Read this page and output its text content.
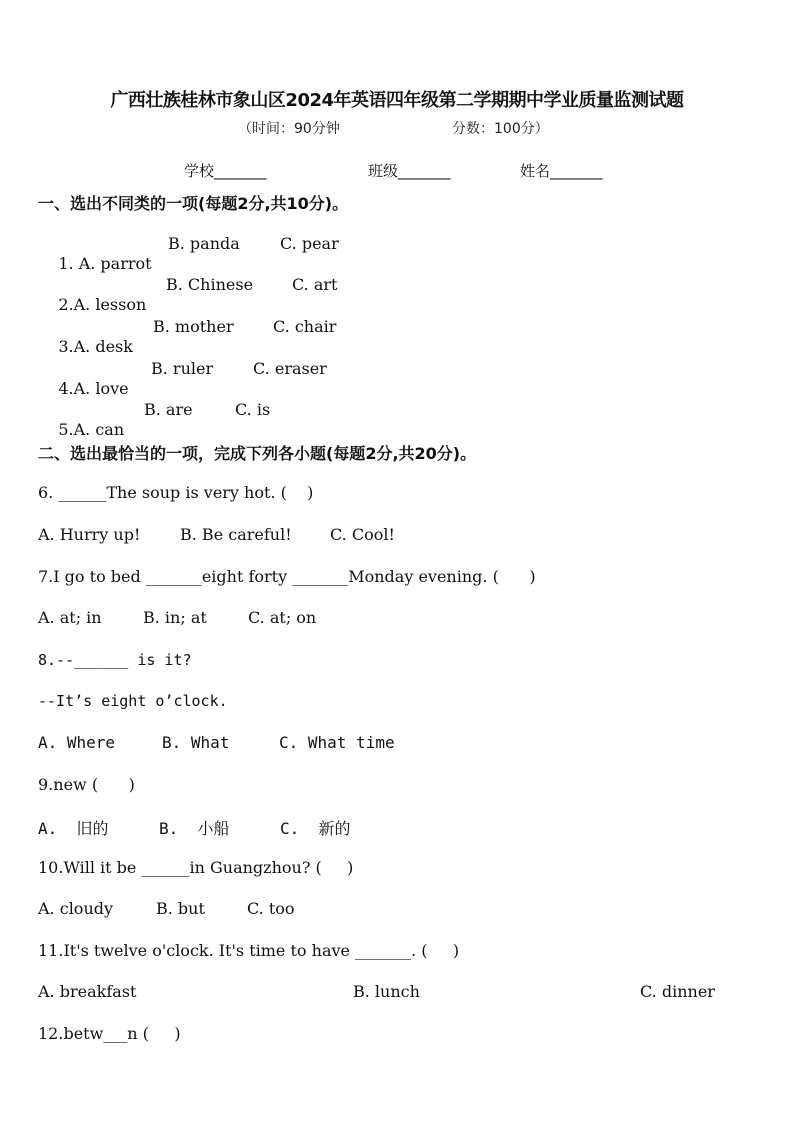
广西壮族桂林市象山区2024年英语四年级第二学期期中学业质量监测试题
（时间：90分钟	分数：100分）
学校_______	班级_______	姓名_______
一、选出不同类的一项(每题2分,共10分)。

1. A. parrot

B. panda	C. pear

2.A. lesson

B. Chinese C. art

3.A. desk

B. mother C. chair

4.A. love

B. ruler C. eraser

5.A. can

B. are	C. is
二、选出最恰当的一项，完成下列各小题(每题2分,共20分)。
6. ______The soup is very hot. (    )
A. Hurry up! B. Be careful! C. Cool!
7.I go to bed _______eight forty _______Monday evening. (      )
A. at; in	B. in; at	C. at; on
8.--______ is it?
--It’s eight o’clock.
A. Where	B. What	C. What time
9.new (      )
A.  旧的	B.  小船	C.  新的
10.Will it be ______in Guangzhou? (     )
A. cloudy	B. but	C. too
11.It's twelve o'clock. It's time to have _______. (     )
A. breakfast	B. lunch	C. dinner
12.betw___n (     )
